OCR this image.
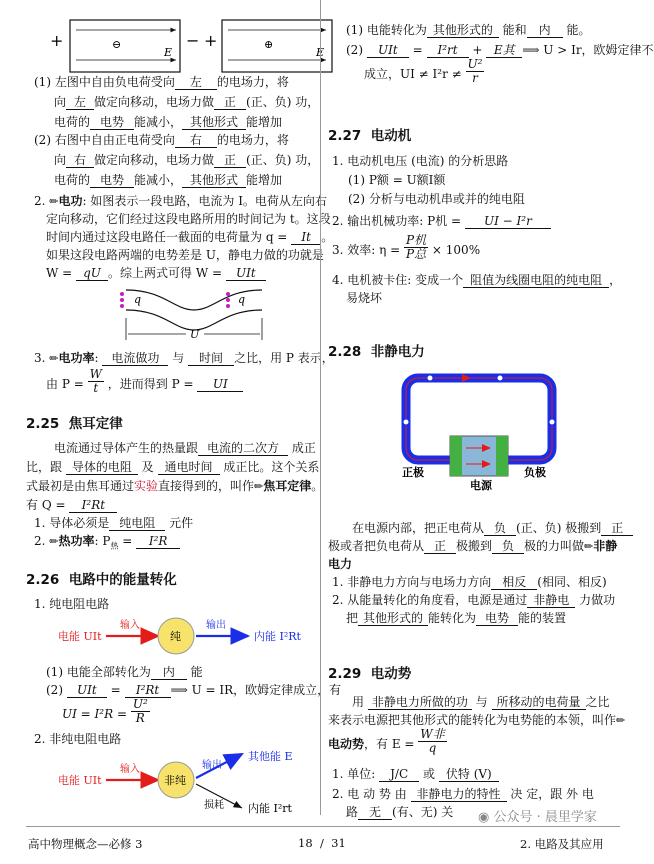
+	⊖
E
− +	⊕
E
(1) 左图中自由负电荷受向 左 的电场力，将
向 左 做定向移动，电场力做 正 (正、负) 功，
电荷的 电势 能减小， 其他形式 能增加
(2) 右图中自由正电荷受向 右 的电场力，将
向 右 做定向移动，电场力做 正 (正、负) 功，
电荷的 电势 能减小， 其他形式 能增加
2. ✏电功: 如图表示一段电路，电流为 I。电荷从左向右
定向移动，它们经过这段电路所用的时间记为 t。这段
时间内通过这段电路任一截面的电荷量为 q = It 。
如果这段电路两端的电势差是 U，静电力做的功就是
W = qU 。综上两式可得 W = UIt
q	q
U
3. ✏电功率: 电流做功 与 时间 之比，用 P 表示，
由 $P = \frac{W}{t}$ ，进而得到 P = UI
2.25 焦耳定律
电流通过导体产生的热量跟 电流的二次方 成正
比，跟 导体的电阻 及 通电时间 成正比。这个关系
式最初是由焦耳通过实验直接得到的，叫作✏焦耳定律。
有 Q = I²Rt
1. 导体必须是 纯电阻 元件
2. ✏热功率: $P_热 = I^2R$
2.26 电路中的能量转化
1. 纯电阻电路
电能 UIt
输入
纯
输出
内能 I²Rt
(1) 电能全部转化为 内 能
(2) UIt = I²Rt ⟹ U = IR，欧姆定律成立，有
UI = $I^2R = \frac{\text{U²}}{R}$
2. 非纯电阻电路
电能 UIt
输入
非纯
输出
其他能 E
损耗 内能 I²rt
(1) 电能转化为 其他形式的 能和 内 能。
(2) UIt = I²rt + E其 ⟹ U > Ir，欧姆定律不
成立，UI ≠ $I^2r \ne \frac{\text{U²}}{r}$
2.27 电动机
1. 电动机电压 (电流) 的分析思路
(1) P额 = U额I额
(2) 分析与电动机串或并的纯电阻
2. 输出机械功率: P机 = UI − I²r
3. 效率: η =
P机
P总 × 100%
4. 电机被卡住: 变成一个 阻值为线圈电阻的纯电阻 ，
易烧坏
2.28 非静电力
正极	负极
电源
在电源内部，把正电荷从 负 (正、负) 极搬到 正
极或者把负电荷从 正 极搬到 负 极的力叫做✏非静
电力
1. 非静电力方向与电场力方向 相反 (相同、相反)
2. 从能量转化的角度看，电源是通过 非静电 力做功
把 其他形式的 能转化为 电势 能的装置
2.29 电动势
用 非静电力所做的功 与 所移动的电荷量 之比
来表示电源把其他形式的能转化为电势能的本领，叫作✏
电动势，有 E =
W非
q
1. 单位: J/C 或 伏特 (V)
2. 电 动 势 由 非静电力的特性 决 定，跟 外 电
路 无 (有、无) 关
高中物理概念—必修 3	18 / 31	2. 电路及其应用
◉ 公众号 · 晨里学家
